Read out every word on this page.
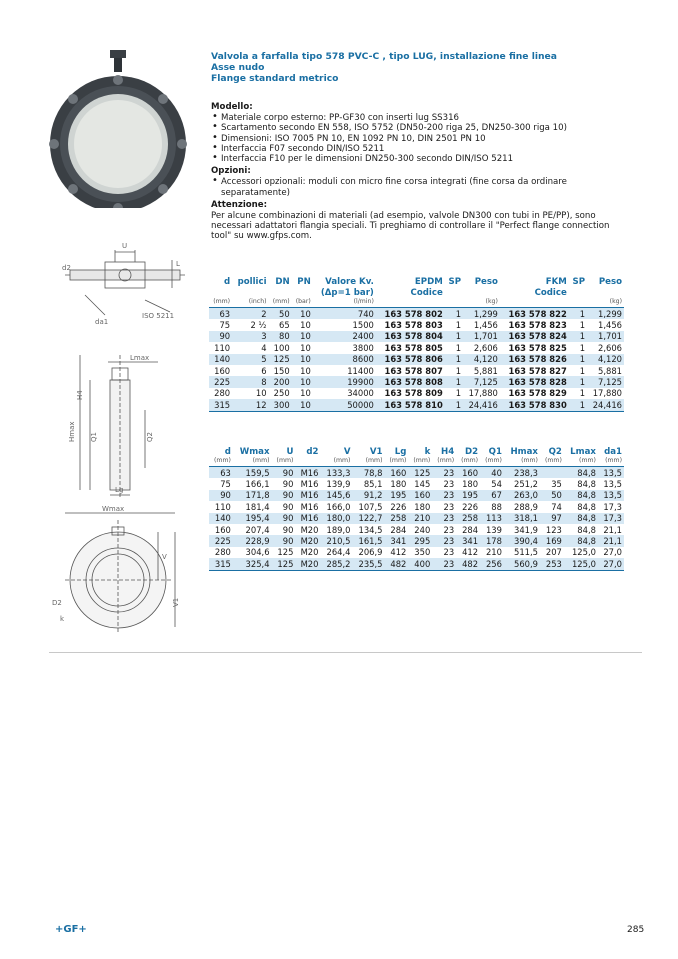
U
L
d2
da1
ISO 5211
Lmax
H4
Hmax Q1	Q2
Lg
Wmax
V
V1
D2
k
Valvola a farfalla tipo 578 PVC-C , tipo LUG, installazione fine linea
Asse nudo
Flange standard metrico
Modello:
• Materiale corpo esterno: PP-GF30 con inserti lug SS316
• Scartamento secondo EN 558, ISO 5752 (DN50-200 riga 25, DN250-300 riga 10)
• Dimensioni: ISO 7005 PN 10, EN 1092 PN 10, DIN 2501 PN 10
• Interfaccia F07 secondo DIN/ISO 5211
• Interfaccia F10 per le dimensioni DN250-300 secondo DIN/ISO 5211
Opzioni:
• Accessori opzionali: moduli con micro fine corsa integrati (fine corsa da ordinare
separatamente)
Attenzione:
Per alcune combinazioni di materiali (ad esempio, valvole DN300 con tubi in PE/PP), sono
necessari adattatori flangia speciali. Ti preghiamo di controllare il "Perfect flange connection
tool" su www.gfps.com.
d	pollici	DN	PN	Valore Kv.	EPDM	SP	Peso	FKM	SP	Peso
				(Δp=1 bar)	Codice			Codice		
(mm)	(inch)	(mm)	(bar)	(l/min)			(kg)			(kg)
63	2	50	10	740	163 578 802	1	1,299	163 578 822	1	1,299
75	2 ½	65	10	1500	163 578 803	1	1,456	163 578 823	1	1,456
90	3	80	10	2400	163 578 804	1	1,701	163 578 824	1	1,701
110	4	100	10	3800	163 578 805	1	2,606	163 578 825	1	2,606
140	5	125	10	8600	163 578 806	1	4,120	163 578 826	1	4,120
160	6	150	10	11400	163 578 807	1	5,881	163 578 827	1	5,881
225	8	200	10	19900	163 578 808	1	7,125	163 578 828	1	7,125
280	10	250	10	34000	163 578 809	1	17,880	163 578 829	1	17,880
315	12	300	10	50000	163 578 810	1	24,416	163 578 830	1	24,416
d	Wmax	U	d2	V	V1	Lg	k	H4	D2	Q1	Hmax	Q2	Lmax	da1
(mm)	(mm)	(mm)		(mm)	(mm)	(mm)	(mm)	(mm)	(mm)	(mm)	(mm)	(mm)	(mm)	(mm)
63	159,5	90	M16	133,3	78,8	160	125	23	160	40	238,3		84,8	13,5
75	166,1	90	M16	139,9	85,1	180	145	23	180	54	251,2	35	84,8	13,5
90	171,8	90	M16	145,6	91,2	195	160	23	195	67	263,0	50	84,8	13,5
110	181,4	90	M16	166,0	107,5	226	180	23	226	88	288,9	74	84,8	17,3
140	195,4	90	M16	180,0	122,7	258	210	23	258	113	318,1	97	84,8	17,3
160	207,4	90	M20	189,0	134,5	284	240	23	284	139	341,9	123	84,8	21,1
225	228,9	90	M20	210,5	161,5	341	295	23	341	178	390,4	169	84,8	21,1
280	304,6	125	M20	264,4	206,9	412	350	23	412	210	511,5	207	125,0	27,0
315	325,4	125	M20	285,2	235,5	482	400	23	482	256	560,9	253	125,0	27,0
+GF+	285
